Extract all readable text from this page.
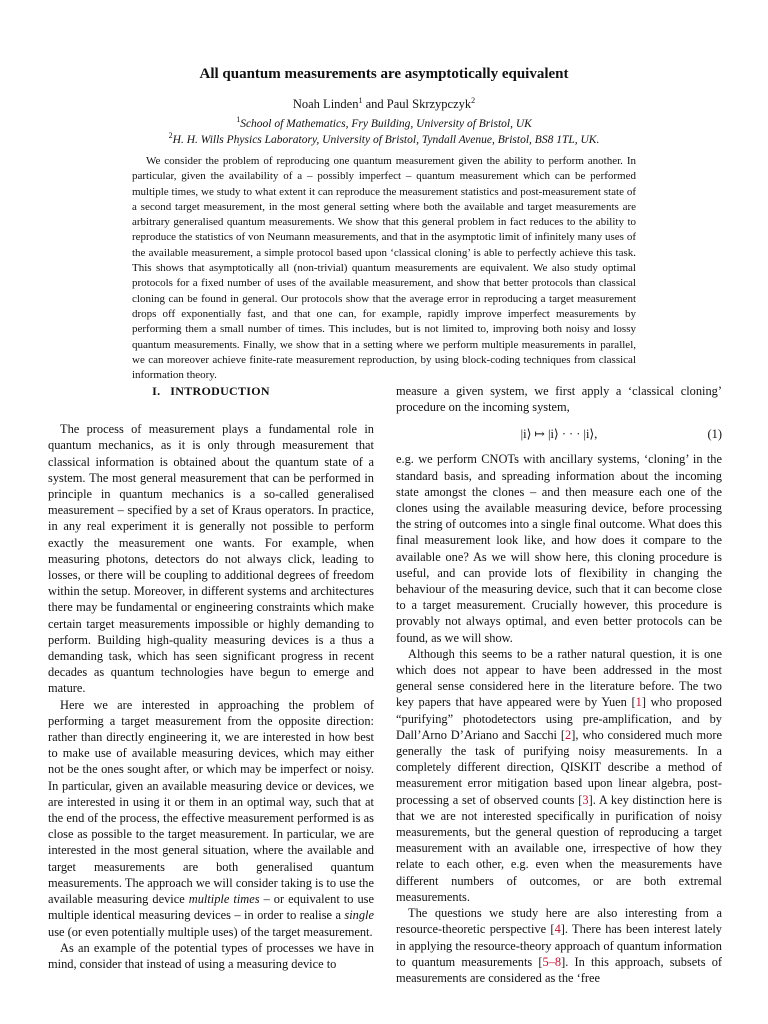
All quantum measurements are asymptotically equivalent
Noah Linden$^1$ and Paul Skrzypczyk$^2$
$^1$School of Mathematics, Fry Building, University of Bristol, UK
$^2$H. H. Wills Physics Laboratory, University of Bristol, Tyndall Avenue, Bristol, BS8 1TL, UK.

We consider the problem of reproducing one quantum measurement given the ability to perform another. In particular, given the availability of a – possibly imperfect – quantum measurement which can be performed multiple times, we study to what extent it can reproduce the measurement statistics and post-measurement state of a second target measurement, in the most general setting where both the available and target measurements are arbitrary generalised quantum measurements. We show that this general problem in fact reduces to the ability to reproduce the statistics of von Neumann measurements, and that in the asymptotic limit of infinitely many uses of the available measurement, a simple protocol based upon ‘classical cloning’ is able to perfectly achieve this task. This shows that asymptotically all (non-trivial) quantum measurements are equivalent. We also study optimal protocols for a fixed number of uses of the available measurement, and show that better protocols than classical cloning can be found in general. Our protocols show that the average error in reproducing a target measurement drops off exponentially fast, and that one can, for example, rapidly improve imperfect measurements by performing them a small number of times. This includes, but is not limited to, improving both noisy and lossy quantum measurements. Finally, we show that in a setting where we perform multiple measurements in parallel, we can moreover achieve finite-rate measurement reproduction, by using block-coding techniques from classical information theory.

I.   INTRODUCTION

The process of measurement plays a fundamental role in quantum mechanics, as it is only through measurement that classical information is obtained about the quantum state of a system. The most general measurement that can be performed in principle in quantum mechanics is a so-called generalised measurement – specified by a set of Kraus operators. In practice, in any real experiment it is generally not possible to perform exactly the measurement one wants. For example, when measuring photons, detectors do not always click, leading to losses, or there will be coupling to additional degrees of freedom within the setup. Moreover, in different systems and architectures there may be fundamental or engineering constraints which make certain target measurements impossible or highly demanding to perform. Building high-quality measuring devices is a thus a demanding task, which has seen significant progress in recent decades as quantum technologies have begun to emerge and mature.

Here we are interested in approaching the problem of performing a target measurement from the opposite direction: rather than directly engineering it, we are interested in how best to make use of available measuring devices, which may either not be the ones sought after, or which may be imperfect or noisy. In particular, given an available measuring device or devices, we are interested in using it or them in an optimal way, such that at the end of the process, the effective measurement performed is as close as possible to the target measurement. In particular, we are interested in the most general situation, where the available and target measurements are both generalised quantum measurements. The approach we will consider taking is to use the available measuring device multiple times – or equivalent to use multiple identical measuring devices – in order to realise a single use (or even potentially multiple uses) of the target measurement.

As an example of the potential types of processes we have in mind, consider that instead of using a measuring device to

measure a given system, we first apply a ‘classical cloning’ procedure on the incoming system,

|i⟩ ↦ |i⟩ · · · |i⟩,	(1)

e.g. we perform CNOTs with ancillary systems, ‘cloning’ in the standard basis, and spreading information about the incoming state amongst the clones – and then measure each one of the clones using the available measuring device, before processing the string of outcomes into a single final outcome. What does this final measurement look like, and how does it compare to the available one? As we will show here, this cloning procedure is useful, and can provide lots of flexibility in changing the behaviour of the measuring device, such that it can become close to a target measurement. Crucially however, this procedure is provably not always optimal, and even better protocols can be found, as we will show.

Although this seems to be a rather natural question, it is one which does not appear to have been addressed in the most general sense considered here in the literature before. The two key papers that have appeared were by Yuen [1] who proposed “purifying” photodetectors using pre-amplification, and by Dall’Arno D’Ariano and Sacchi [2], who considered much more generally the task of purifying noisy measurements. In a completely different direction, QISKIT describe a method of measurement error mitigation based upon linear algebra, post-processing a set of observed counts [3]. A key distinction here is that we are not interested specifically in purification of noisy measurements, but the general question of reproducing a target measurement with an available one, irrespective of how they relate to each other, e.g. even when the measurements have different numbers of outcomes, or are both extremal measurements.

The questions we study here are also interesting from a resource-theoretic perspective [4]. There has been interest lately in applying the resource-theory approach of quantum information to quantum measurements [5–8]. In this approach, subsets of measurements are considered as the ‘free
